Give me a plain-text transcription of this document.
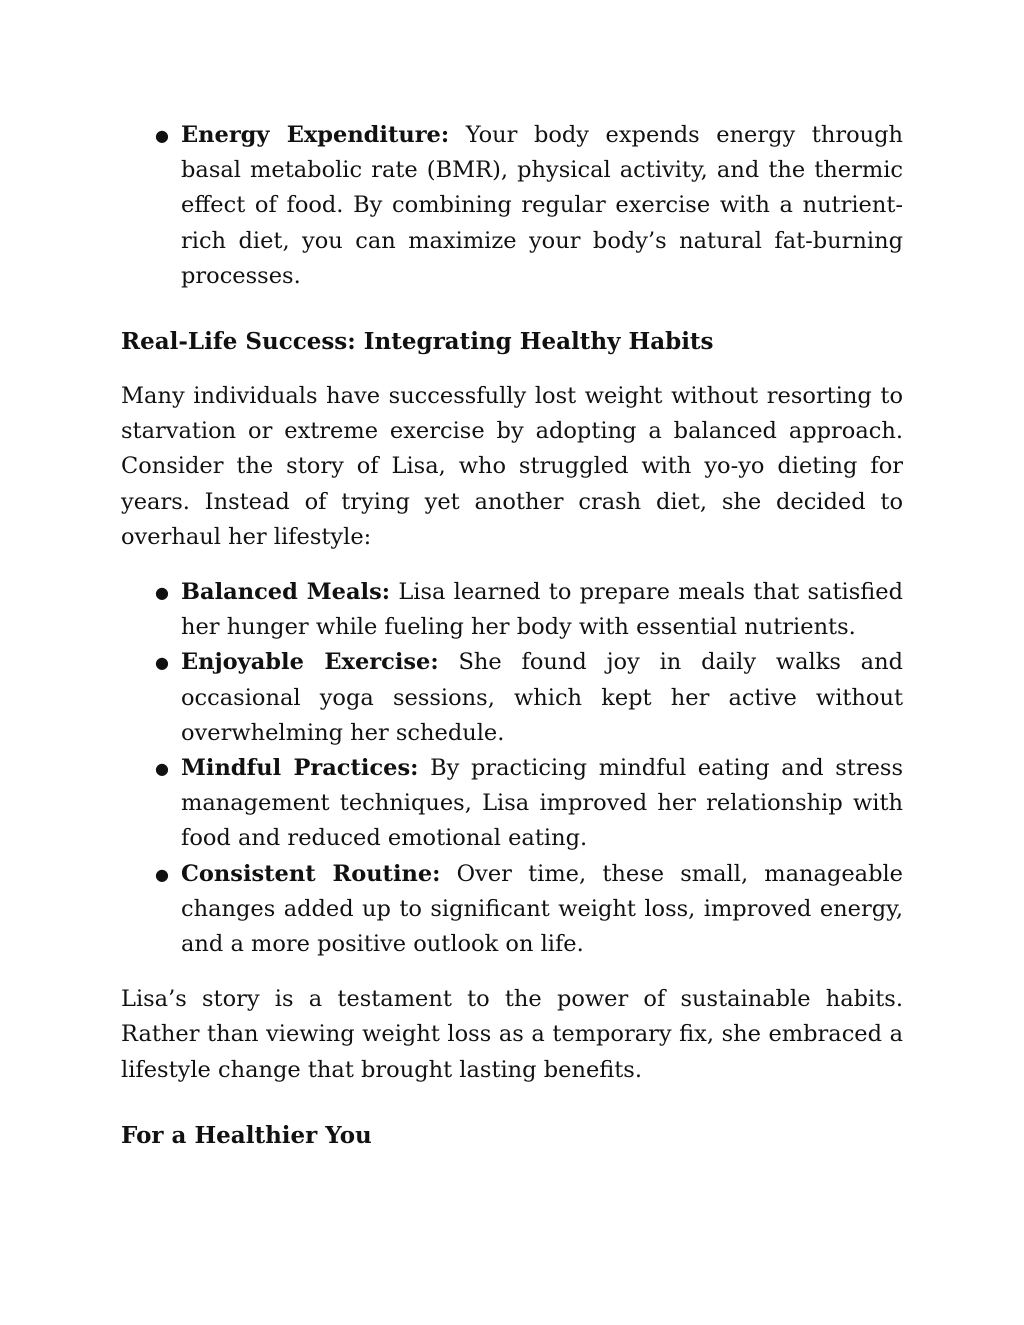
● Energy Expenditure: Your body expends energy through basal metabolic rate (BMR), physical activity, and the thermic effect of food. By combining regular exercise with a nutrient-rich diet, you can maximize your body’s natural fat-burning processes.
Real-Life Success: Integrating Healthy Habits

Many individuals have successfully lost weight without resorting to starvation or extreme exercise by adopting a balanced approach. Consider the story of Lisa, who struggled with yo-yo dieting for years. Instead of trying yet another crash diet, she decided to overhaul her lifestyle:

● Balanced Meals: Lisa learned to prepare meals that satisfied her hunger while fueling her body with essential nutrients.
● Enjoyable Exercise: She found joy in daily walks and occasional yoga sessions, which kept her active without overwhelming her schedule.
● Mindful Practices: By practicing mindful eating and stress management techniques, Lisa improved her relationship with food and reduced emotional eating.
● Consistent Routine: Over time, these small, manageable changes added up to significant weight loss, improved energy, and a more positive outlook on life.

Lisa’s story is a testament to the power of sustainable habits. Rather than viewing weight loss as a temporary fix, she embraced a lifestyle change that brought lasting benefits.

For a Healthier You
